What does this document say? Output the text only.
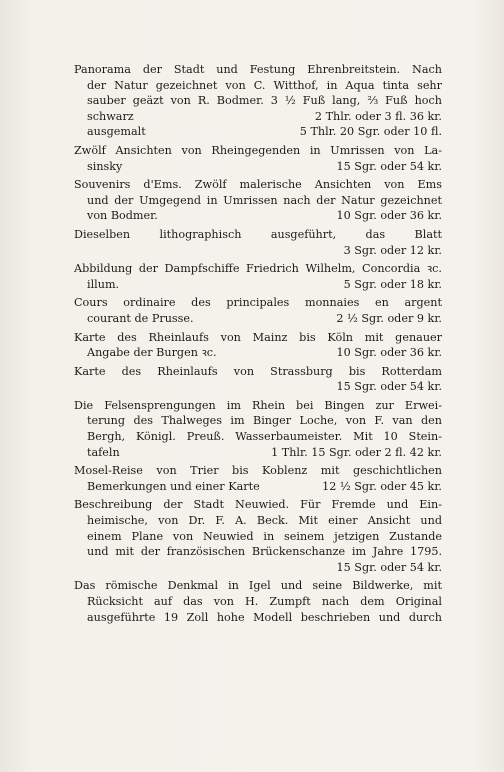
Panorama der Stadt und Festung Ehrenbreitstein. Nach
der Natur gezeichnet von C. Witthof, in Aqua tinta sehr
sauber geäzt von R. Bodmer. 3 ½ Fuß lang, ⅔ Fuß hoch
schwarz	2 Thlr. oder 3 fl. 36 kr.
ausgemalt	5 Thlr. 20 Sgr. oder 10 fl.
Zwölf Ansichten von Rheingegenden in Umrissen von La-
sinsky	15 Sgr. oder 54 kr.
Souvenirs d'Ems. Zwölf malerische Ansichten von Ems
und der Umgegend in Umrissen nach der Natur gezeichnet
von Bodmer.	10 Sgr. oder 36 kr.
Dieselben lithographisch ausgeführt, das Blatt
3 Sgr. oder 12 kr.
Abbildung der Dampfschiffe Friedrich Wilhelm, Concordia ꝛc.
illum.	5 Sgr. oder 18 kr.
Cours ordinaire des principales monnaies en argent
courant de Prusse.	2 ½ Sgr. oder 9 kr.
Karte des Rheinlaufs von Mainz bis Köln mit genauer
Angabe der Burgen ꝛc.	10 Sgr. oder 36 kr.
Karte des Rheinlaufs von Strassburg bis Rotterdam
15 Sgr. oder 54 kr.
Die Felsensprengungen im Rhein bei Bingen zur Erwei-
terung des Thalweges im Binger Loche, von F. van den
Bergh, Königl. Preuß. Wasserbaumeister. Mit 10 Stein-
tafeln	1 Thlr. 15 Sgr. oder 2 fl. 42 kr.
Mosel-Reise von Trier bis Koblenz mit geschichtlichen
Bemerkungen und einer Karte	12 ½ Sgr. oder 45 kr.
Beschreibung der Stadt Neuwied. Für Fremde und Ein-
heimische, von Dr. F. A. Beck. Mit einer Ansicht und
einem Plane von Neuwied in seinem jetzigen Zustande
und mit der französischen Brückenschanze im Jahre 1795.
15 Sgr. oder 54 kr.
Das römische Denkmal in Igel und seine Bildwerke, mit
Rücksicht auf das von H. Zumpft nach dem Original
ausgeführte 19 Zoll hohe Modell beschrieben und durch
